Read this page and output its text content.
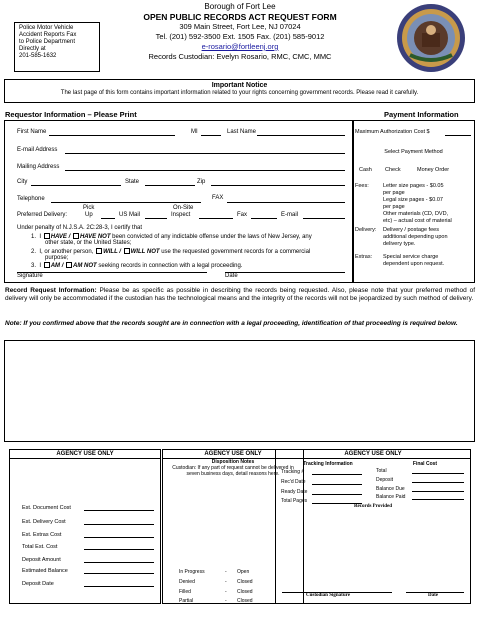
Police Motor Vehicle
Accident Reports Fax
to Police Department
Directly at
201-585-1632
Borough of Fort Lee
OPEN PUBLIC RECORDS ACT REQUEST FORM
309 Main Street, Fort Lee, NJ 07024
Tel. (201) 592-3500 Ext. 1505 Fax. (201) 585-9012
e-rosario@fortleenj.org
Records Custodian: Evelyn Rosario, RMC, CMC, MMC
Important Notice
The last page of this form contains important information related to your rights concerning government records. Please read it carefully.
Requestor Information – Please Print	Payment Information
First Name	MI	Last Name
E-mail Address
Mailing Address
City	State	Zip
Telephone	FAX
Pick	On-Site
Preferred Delivery:	Up	US Mail	Inspect	Fax	E-mail
Under penalty of N.J.S.A. 2C:28-3, I certify that
1. I HAVE / HAVE NOT been convicted of any indictable offense under the laws of New Jersey, any
other state, or the United States;
2. I, or another person, WILL / WILL NOT use the requested government records for a commercial
purpose;
3. I AM / AM NOT seeking records in connection with a legal proceeding.
Signature	Date
Maximum Authorization Cost $
Select Payment Method
Cash Check	Money Order
Fees:	Letter size pages - $0.05
per page
Legal size pages - $0.07
per page
Other materials (CD, DVD,
etc) – actual cost of material
Delivery: Delivery / postage fees
additional depending upon
delivery type.
Extras: Special service charge
dependent upon request.
Record Request Information: Please be as specific as possible in describing the records being requested. Also, please note that your preferred method of delivery will only be accommodated if the custodian has the technological means and the integrity of the records will not be jeopardized by such method of delivery.
Note: If you confirmed above that the records sought are in connection with a legal proceeding, identification of that proceeding is required below.
AGENCY USE ONLY
Est. Document Cost
Est. Delivery Cost
Est. Extras Cost
Total Est. Cost
Deposit Amount
Estimated Balance
Deposit Date
AGENCY USE ONLY
Disposition Notes
Custodian: If any part of request cannot be delivered in seven business days, detail reasons here.
In Progress	- Open
Denied	- Closed
Filled	- Closed
Partial	- Closed
AGENCY USE ONLY
Tracking Information	Final Cost
Tracking #
Rec'd Date
Ready Date
Total Pages
Total
Deposit
Balance Due
Balance Paid
Records Provided
Custodian Signature	Date
